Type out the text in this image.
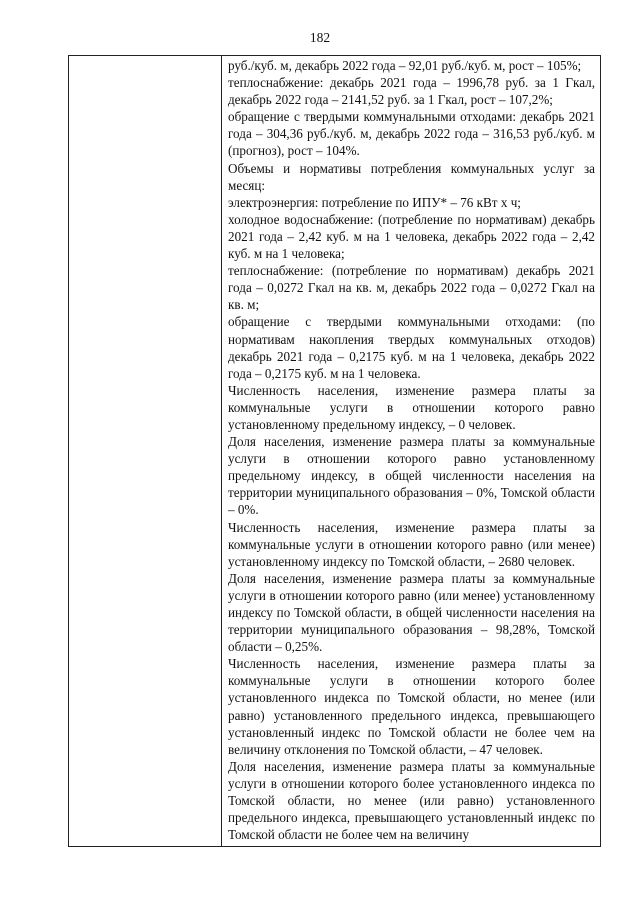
182

руб./куб. м, декабрь 2022 года – 92,01 руб./куб. м, рост – 105%;

теплоснабжение: декабрь 2021 года – 1996,78 руб. за 1 Гкал, декабрь 2022 года – 2141,52 руб. за 1 Гкал, рост – 107,2%;

обращение с твердыми коммунальными отходами: декабрь 2021 года – 304,36 руб./куб. м, декабрь 2022 года – 316,53 руб./куб. м (прогноз), рост – 104%.

Объемы и нормативы потребления коммунальных услуг за месяц:

электроэнергия: потребление по ИПУ* – 76 кВт х ч;

холодное водоснабжение: (потребление по нормативам) декабрь 2021 года – 2,42 куб. м на 1 человека, декабрь 2022 года – 2,42 куб. м на 1 человека;

теплоснабжение: (потребление по нормативам) декабрь 2021 года – 0,0272 Гкал на кв. м, декабрь 2022 года – 0,0272 Гкал на кв. м;

обращение с твердыми коммунальными отходами: (по нормативам накопления твердых коммунальных отходов) декабрь 2021 года – 0,2175 куб. м на 1 человека, декабрь 2022 года – 0,2175 куб. м на 1 человека.

Численность населения, изменение размера платы за коммунальные услуги в отношении которого равно установленному предельному индексу, – 0 человек.

Доля населения, изменение размера платы за коммунальные услуги в отношении которого равно установленному предельному индексу, в общей численности населения на территории муниципального образования – 0%, Томской области – 0%.

Численность населения, изменение размера платы за коммунальные услуги в отношении которого равно (или менее) установленному индексу по Томской области, – 2680 человек.

Доля населения, изменение размера платы за коммунальные услуги в отношении которого равно (или менее) установленному индексу по Томской области, в общей численности населения на территории муниципального образования – 98,28%, Томской области – 0,25%.

Численность населения, изменение размера платы за коммунальные услуги в отношении которого более установленного индекса по Томской области, но менее (или равно) установленного предельного индекса, превышающего установленный индекс по Томской области не более чем на величину отклонения по Томской области, – 47 человек.

Доля населения, изменение размера платы за коммунальные услуги в отношении которого более установленного индекса по Томской области, но менее (или равно) установленного предельного индекса, превышающего установленный индекс по Томской области не более чем на величину
